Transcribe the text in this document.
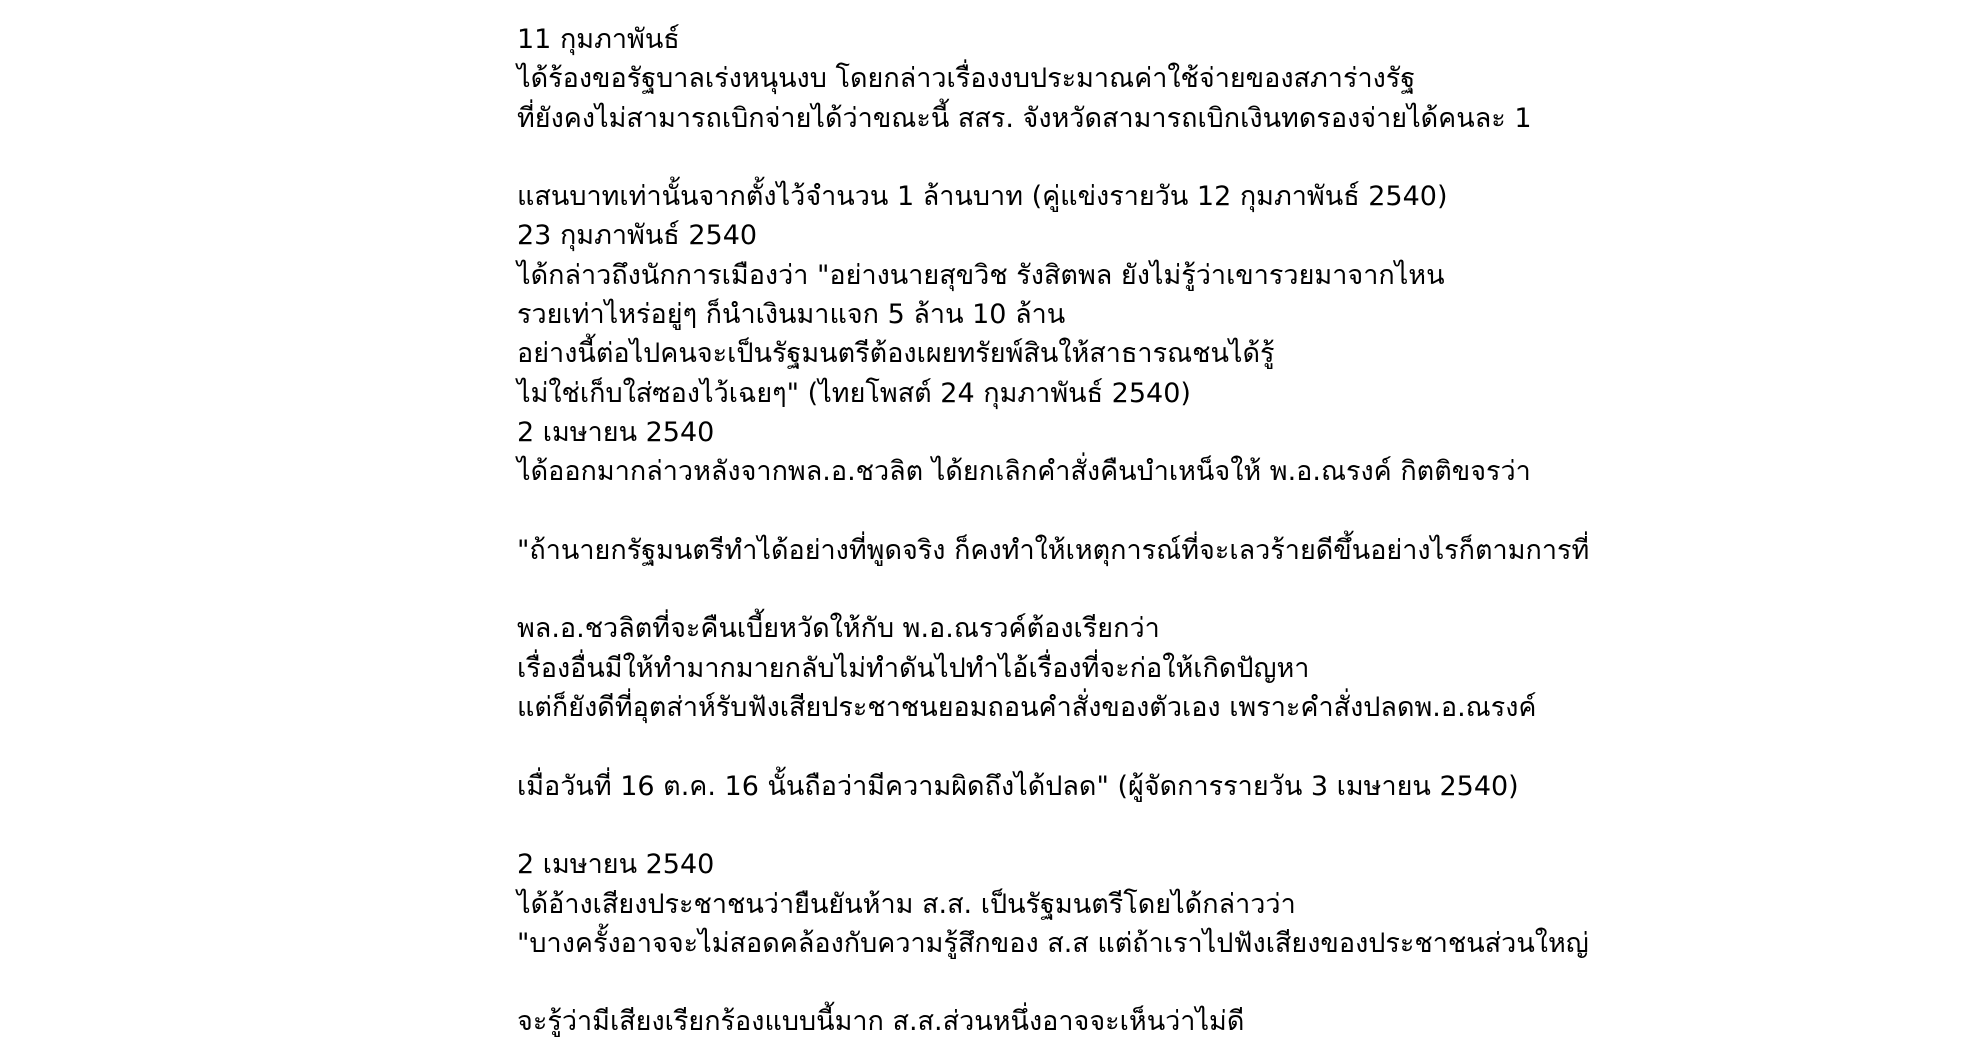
11 กุมภาพันธ์
ได้ร้องขอรัฐบาลเร่งหนุนงบ โดยกล่าวเรื่องงบประมาณค่าใช้จ่ายของสภาร่างรัฐ
ที่ยังคงไม่สามารถเบิกจ่ายได้ว่าขณะนี้ สสร. จังหวัดสามารถเบิกเงินทดรองจ่ายได้คนละ 1
แสนบาทเท่านั้นจากตั้งไว้จำนวน 1 ล้านบาท (คู่แข่งรายวัน 12 กุมภาพันธ์ 2540)
23 กุมภาพันธ์ 2540
ได้กล่าวถึงนักการเมืองว่า "อย่างนายสุขวิช รังสิตพล ยังไม่รู้ว่าเขารวยมาจากไหน
รวยเท่าไหร่อยู่ๆ ก็นำเงินมาแจก 5 ล้าน 10 ล้าน
อย่างนี้ต่อไปคนจะเป็นรัฐมนตรีต้องเผยทรัยพ์สินให้สาธารณชนได้รู้
ไม่ใช่เก็บใส่ซองไว้เฉยๆ" (ไทยโพสต์ 24 กุมภาพันธ์ 2540)
2 เมษายน 2540
ได้ออกมากล่าวหลังจากพล.อ.ชวลิต ได้ยกเลิกคำสั่งคืนบำเหน็จให้ พ.อ.ณรงค์ กิตติขจรว่า
"ถ้านายกรัฐมนตรีทำได้อย่างที่พูดจริง ก็คงทำให้เหตุการณ์ที่จะเลวร้ายดีขึ้นอย่างไรก็ตามการที่
พล.อ.ชวลิตที่จะคืนเบี้ยหวัดให้กับ พ.อ.ณรวค์ต้องเรียกว่า
เรื่องอื่นมีให้ทำมากมายกลับไม่ทำดันไปทำไอ้เรื่องที่จะก่อให้เกิดปัญหา
แต่ก็ยังดีที่อุตส่าห์รับฟังเสียประชาชนยอมถอนคำสั่งของตัวเอง เพราะคำสั่งปลดพ.อ.ณรงค์
เมื่อวันที่ 16 ต.ค. 16 นั้นถือว่ามีความผิดถึงได้ปลด" (ผู้จัดการรายวัน 3 เมษายน 2540)
2 เมษายน 2540
ได้อ้างเสียงประชาชนว่ายืนยันห้าม ส.ส. เป็นรัฐมนตรีโดยได้กล่าวว่า
"บางครั้งอาจจะไม่สอดคล้องกับความรู้สึกของ ส.ส แต่ถ้าเราไปฟังเสียงของประชาชนส่วนใหญ่
จะรู้ว่ามีเสียงเรียกร้องแบบนี้มาก ส.ส.ส่วนหนึ่งอาจจะเห็นว่าไม่ดี
